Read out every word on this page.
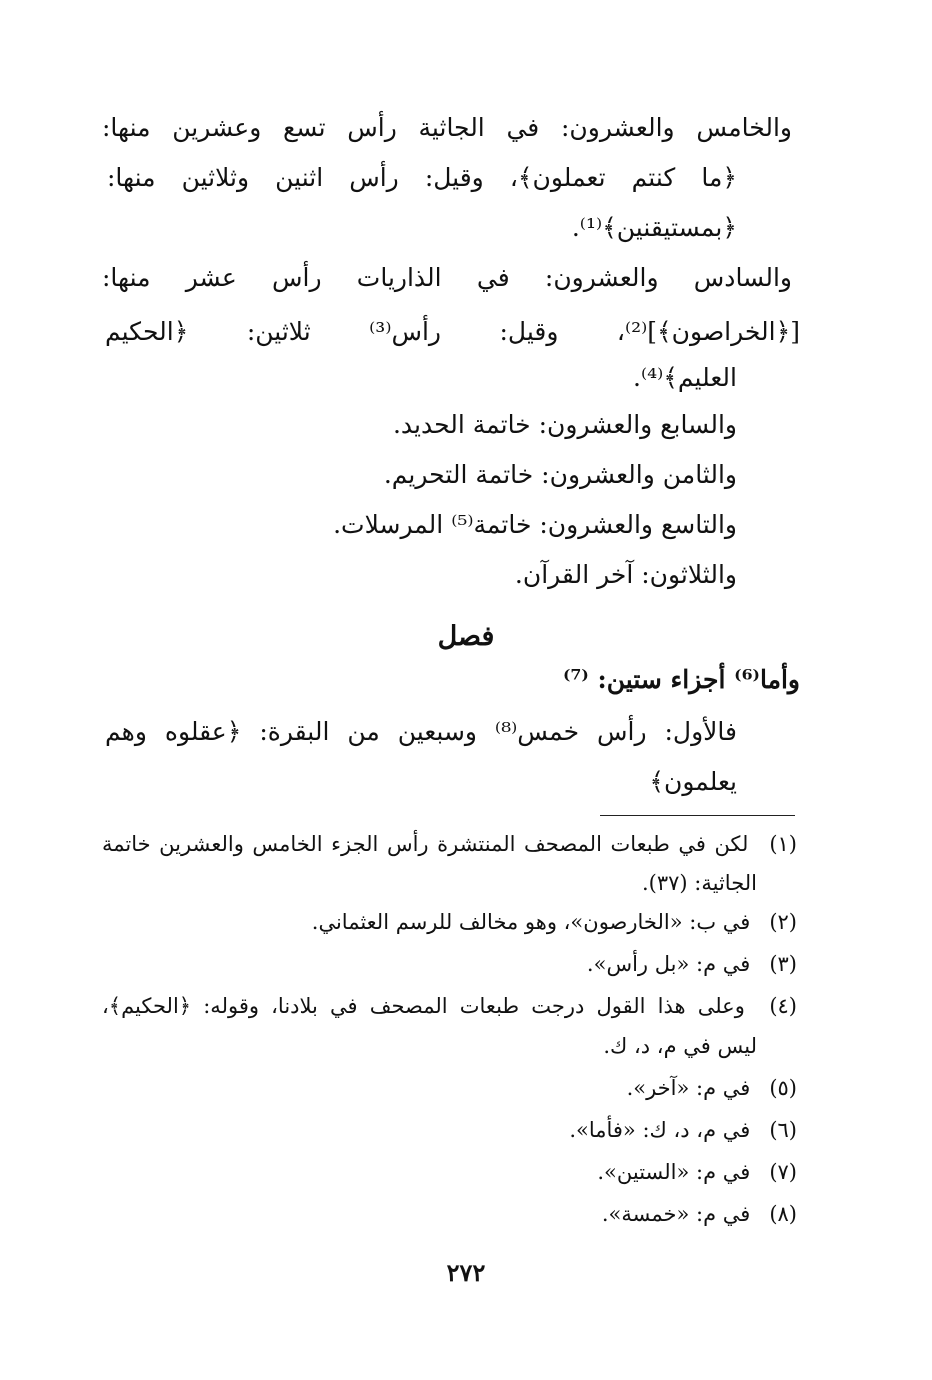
والخامس والعشرون: في الجاثية رأس تسع وعشرين منها:
﴿ما كنتم تعملون﴾، وقيل: رأس اثنين وثلاثين منها:
﴿بمستيقنين﴾⁽¹⁾.
والسادس والعشرون: في الذاريات رأس عشر منها:
[﴿الخراصون﴾]⁽²⁾، وقيل: رأس⁽³⁾ ثلاثين: ﴿الحكيم
العليم﴾⁽⁴⁾.
والسابع والعشرون: خاتمة الحديد.
والثامن والعشرون: خاتمة التحريم.
والتاسع والعشرون: خاتمة⁽⁵⁾ المرسلات.
والثلاثون: آخر القرآن.
فصل
وأما⁽⁶⁾ أجزاء ستين: ⁽⁷⁾
فالأول: رأس خمس⁽⁸⁾ وسبعين من البقرة: ﴿عقلوه وهم
يعلمون﴾
(١) لكن في طبعات المصحف المنتشرة رأس الجزء الخامس والعشرين خاتمة
الجاثية: (٣٧).
(٢) في ب: «الخارصون»، وهو مخالف للرسم العثماني.
(٣) في م: «بل رأس».
(٤) وعلى هذا القول درجت طبعات المصحف في بلادنا، وقوله: ﴿الحكيم﴾،
ليس في م، د، ك.
(٥) في م: «آخر».
(٦) في م، د، ك: «فأما».
(٧) في م: «الستين».
(٨) في م: «خمسة».
٢٧٢
